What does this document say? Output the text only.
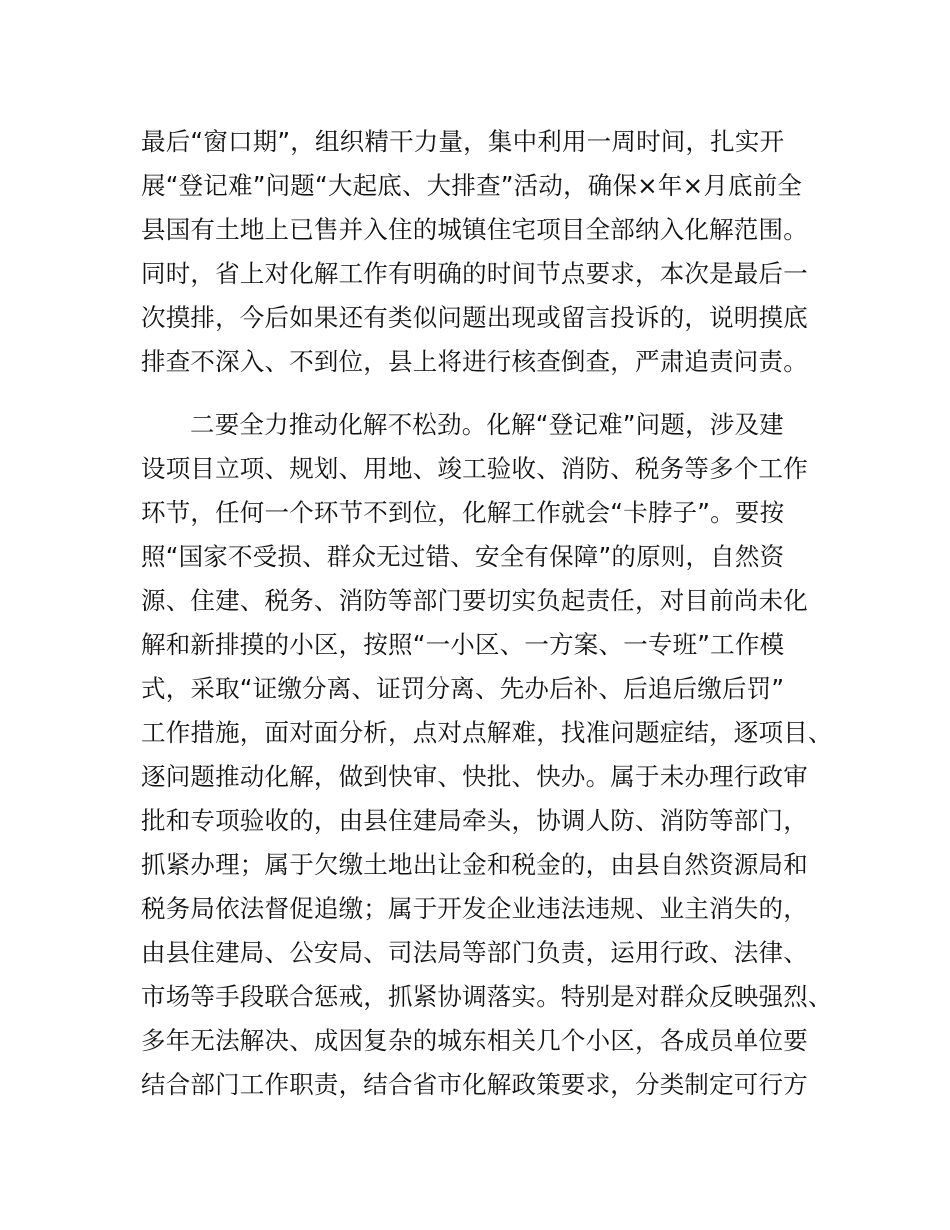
最后“窗口期”，组织精干力量，集中利用一周时间，扎实开
展“登记难”问题“大起底、大排查”活动，确保×年×月底前全
县国有土地上已售并入住的城镇住宅项目全部纳入化解范围。
同时，省上对化解工作有明确的时间节点要求，本次是最后一
次摸排，今后如果还有类似问题出现或留言投诉的，说明摸底
排查不深入、不到位，县上将进行核查倒查，严肃追责问责。
二要全力推动化解不松劲。化解“登记难”问题，涉及建
设项目立项、规划、用地、竣工验收、消防、税务等多个工作
环节，任何一个环节不到位，化解工作就会“卡脖子”。要按
照“国家不受损、群众无过错、安全有保障”的原则，自然资
源、住建、税务、消防等部门要切实负起责任，对目前尚未化
解和新排摸的小区，按照“一小区、一方案、一专班”工作模
式，采取“证缴分离、证罚分离、先办后补、后追后缴后罚”
工作措施，面对面分析，点对点解难，找准问题症结，逐项目、
逐问题推动化解，做到快审、快批、快办。属于未办理行政审
批和专项验收的，由县住建局牵头，协调人防、消防等部门，
抓紧办理；属于欠缴土地出让金和税金的，由县自然资源局和
税务局依法督促追缴；属于开发企业违法违规、业主消失的，
由县住建局、公安局、司法局等部门负责，运用行政、法律、
市场等手段联合惩戒，抓紧协调落实。特别是对群众反映强烈、
多年无法解决、成因复杂的城东相关几个小区，各成员单位要
结合部门工作职责，结合省市化解政策要求，分类制定可行方
